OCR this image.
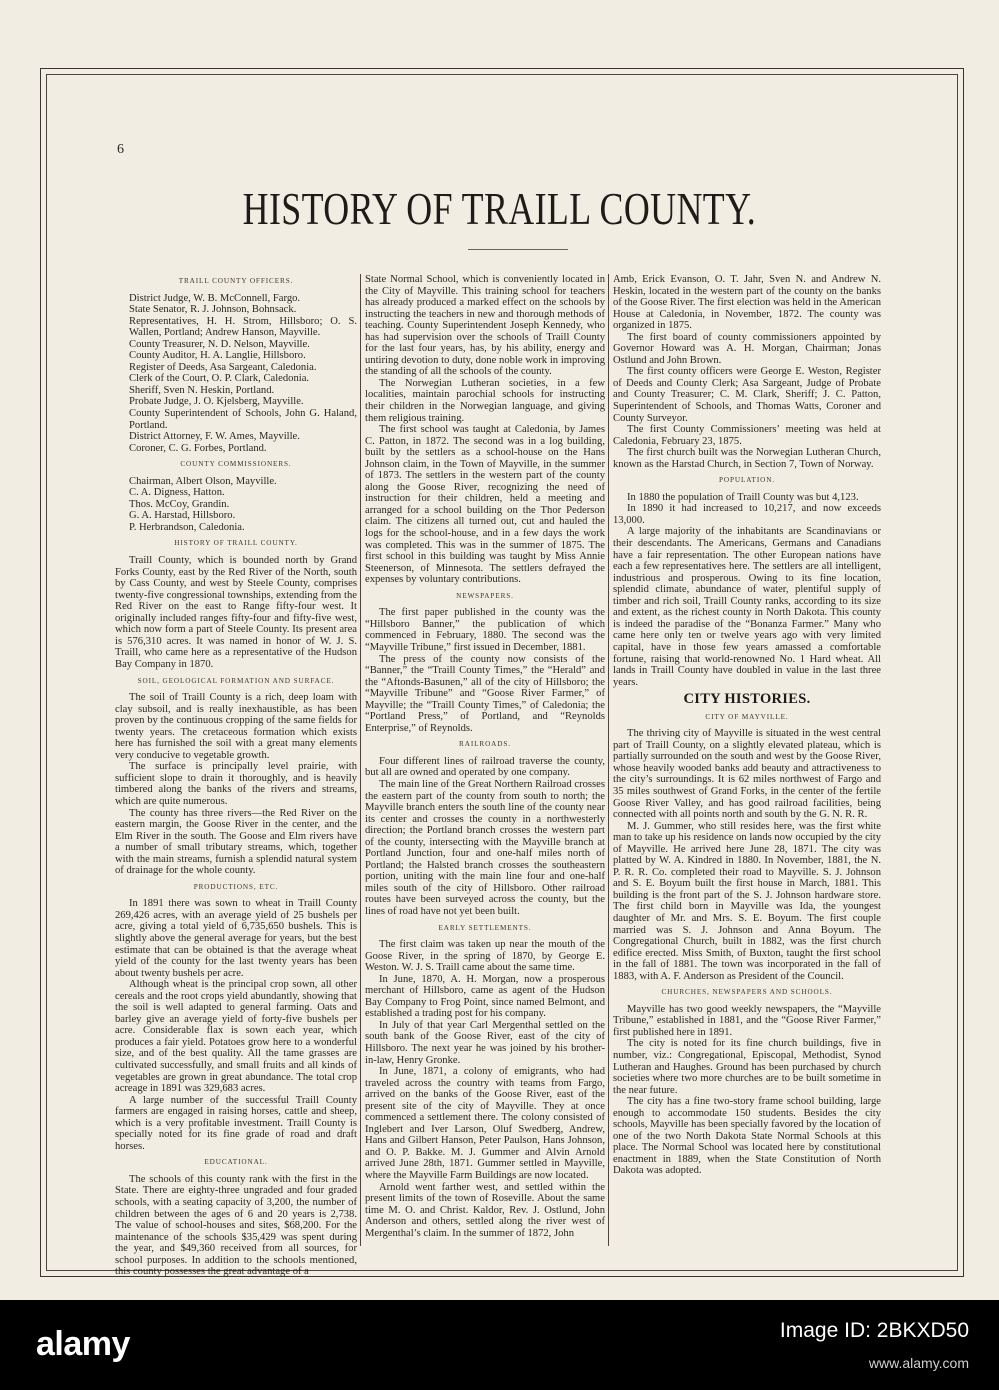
6
HISTORY OF TRAILL COUNTY.
TRAILL COUNTY OFFICERS.

District Judge, W. B. McConnell, Fargo.

State Senator, R. J. Johnson, Bohnsack.

Representatives, H. H. Strom, Hillsboro; O. S. Wallen, Portland; Andrew Hanson, Mayville.

County Treasurer, N. D. Nelson, Mayville.

County Auditor, H. A. Langlie, Hillsboro.

Register of Deeds, Asa Sargeant, Caledonia.

Clerk of the Court, O. P. Clark, Caledonia.

Sheriff, Sven N. Heskin, Portland.

Probate Judge, J. O. Kjelsberg, Mayville.

County Superintendent of Schools, John G. Haland, Portland.

District Attorney, F. W. Ames, Mayville.

Coroner, C. G. Forbes, Portland.

COUNTY COMMISSIONERS.

Chairman, Albert Olson, Mayville.

C. A. Digness, Hatton.

Thos. McCoy, Grandin.

G. A. Harstad, Hillsboro.

P. Herbrandson, Caledonia.

HISTORY OF TRAILL COUNTY.

Traill County, which is bounded north by Grand Forks County, east by the Red River of the North, south by Cass County, and west by Steele County, comprises twenty-five congressional townships, extending from the Red River on the east to Range fifty-four west. It originally included ranges fifty-four and fifty-five west, which now form a part of Steele County. Its present area is 576,310 acres. It was named in honor of W. J. S. Traill, who came here as a representative of the Hudson Bay Company in 1870.

SOIL, GEOLOGICAL FORMATION AND SURFACE.

The soil of Traill County is a rich, deep loam with clay subsoil, and is really inexhaustible, as has been proven by the continuous cropping of the same fields for twenty years. The cretaceous formation which exists here has furnished the soil with a great many elements very conducive to vegetable growth.

The surface is principally level prairie, with sufficient slope to drain it thoroughly, and is heavily timbered along the banks of the rivers and streams, which are quite numerous.

The county has three rivers—the Red River on the eastern margin, the Goose River in the center, and the Elm River in the south. The Goose and Elm rivers have a number of small tributary streams, which, together with the main streams, furnish a splendid natural system of drainage for the whole county.

PRODUCTIONS, ETC.

In 1891 there was sown to wheat in Traill County 269,426 acres, with an average yield of 25 bushels per acre, giving a total yield of 6,735,650 bushels. This is slightly above the general average for years, but the best estimate that can be obtained is that the average wheat yield of the county for the last twenty years has been about twenty bushels per acre.

Although wheat is the principal crop sown, all other cereals and the root crops yield abundantly, showing that the soil is well adapted to general farming. Oats and barley give an average yield of forty-five bushels per acre. Considerable flax is sown each year, which produces a fair yield. Potatoes grow here to a wonderful size, and of the best quality. All the tame grasses are cultivated successfully, and small fruits and all kinds of vegetables are grown in great abundance. The total crop acreage in 1891 was 329,683 acres.

A large number of the successful Traill County farmers are engaged in raising horses, cattle and sheep, which is a very profitable investment. Traill County is specially noted for its fine grade of road and draft horses.

EDUCATIONAL.

The schools of this county rank with the first in the State. There are eighty-three ungraded and four graded schools, with a seating capacity of 3,200, the number of children between the ages of 6 and 20 years is 2,738. The value of school-houses and sites, $68,200. For the maintenance of the schools $35,429 was spent during the year, and $49,360 received from all sources, for school purposes. In addition to the schools mentioned, this county possesses the great advantage of a

State Normal School, which is conveniently located in the City of Mayville. This training school for teachers has already produced a marked effect on the schools by instructing the teachers in new and thorough methods of teaching. County Superintendent Joseph Kennedy, who has had supervision over the schools of Traill County for the last four years, has, by his ability, energy and untiring devotion to duty, done noble work in improving the standing of all the schools of the county.

The Norwegian Lutheran societies, in a few localities, maintain parochial schools for instructing their children in the Norwegian language, and giving them religious training.

The first school was taught at Caledonia, by James C. Patton, in 1872. The second was in a log building, built by the settlers as a school-house on the Hans Johnson claim, in the Town of Mayville, in the summer of 1873. The settlers in the western part of the county along the Goose River, recognizing the need of instruction for their children, held a meeting and arranged for a school building on the Thor Pederson claim. The citizens all turned out, cut and hauled the logs for the school-house, and in a few days the work was completed. This was in the summer of 1875. The first school in this building was taught by Miss Annie Steenerson, of Minnesota. The settlers defrayed the expenses by voluntary contributions.

NEWSPAPERS.

The first paper published in the county was the “Hillsboro Banner,” the publication of which commenced in February, 1880. The second was the “Mayville Tribune,” first issued in December, 1881.

The press of the county now consists of the “Banner,” the “Traill County Times,” the “Herald” and the “Aftonds-Basunen,” all of the city of Hillsboro; the “Mayville Tribune” and “Goose River Farmer,” of Mayville; the “Traill County Times,” of Caledonia; the “Portland Press,” of Portland, and “Reynolds Enterprise,” of Reynolds.

RAILROADS.

Four different lines of railroad traverse the county, but all are owned and operated by one company.

The main line of the Great Northern Railroad crosses the eastern part of the county from south to north; the Mayville branch enters the south line of the county near its center and crosses the county in a northwesterly direction; the Portland branch crosses the western part of the county, intersecting with the Mayville branch at Portland Junction, four and one-half miles north of Portland; the Halsted branch crosses the southeastern portion, uniting with the main line four and one-half miles south of the city of Hillsboro. Other railroad routes have been surveyed across the county, but the lines of road have not yet been built.

EARLY SETTLEMENTS.

The first claim was taken up near the mouth of the Goose River, in the spring of 1870, by George E. Weston. W. J. S. Traill came about the same time.

In June, 1870, A. H. Morgan, now a prosperous merchant of Hillsboro, came as agent of the Hudson Bay Company to Frog Point, since named Belmont, and established a trading post for his company.

In July of that year Carl Mergenthal settled on the south bank of the Goose River, east of the city of Hillsboro. The next year he was joined by his brother-in-law, Henry Gronke.

In June, 1871, a colony of emigrants, who had traveled across the country with teams from Fargo, arrived on the banks of the Goose River, east of the present site of the city of Mayville. They at once commenced a settlement there. The colony consisted of Inglebert and Iver Larson, Oluf Swedberg, Andrew, Hans and Gilbert Hanson, Peter Paulson, Hans Johnson, and O. P. Bakke. M. J. Gummer and Alvin Arnold arrived June 28th, 1871. Gummer settled in Mayville, where the Mayville Farm Buildings are now located.

Arnold went farther west, and settled within the present limits of the town of Roseville. About the same time M. O. and Christ. Kaldor, Rev. J. Ostlund, John Anderson and others, settled along the river west of Mergenthal’s claim. In the summer of 1872, John

Amb, Erick Evanson, O. T. Jahr, Sven N. and Andrew N. Heskin, located in the western part of the county on the banks of the Goose River. The first election was held in the American House at Caledonia, in November, 1872. The county was organized in 1875.

The first board of county commissioners appointed by Governor Howard was A. H. Morgan, Chairman; Jonas Ostlund and John Brown.

The first county officers were George E. Weston, Register of Deeds and County Clerk; Asa Sargeant, Judge of Probate and County Treasurer; C. M. Clark, Sheriff; J. C. Patton, Superintendent of Schools, and Thomas Watts, Coroner and County Surveyor.

The first County Commissioners’ meeting was held at Caledonia, February 23, 1875.

The first church built was the Norwegian Lutheran Church, known as the Harstad Church, in Section 7, Town of Norway.

POPULATION.

In 1880 the population of Traill County was but 4,123.

In 1890 it had increased to 10,217, and now exceeds 13,000.

A large majority of the inhabitants are Scandinavians or their descendants. The Americans, Germans and Canadians have a fair representation. The other European nations have each a few representatives here. The settlers are all intelligent, industrious and prosperous. Owing to its fine location, splendid climate, abundance of water, plentiful supply of timber and rich soil, Traill County ranks, according to its size and extent, as the richest county in North Dakota. This county is indeed the paradise of the “Bonanza Farmer.” Many who came here only ten or twelve years ago with very limited capital, have in those few years amassed a comfortable fortune, raising that world-renowned No. 1 Hard wheat. All lands in Traill County have doubled in value in the last three years.

CITY HISTORIES.
CITY OF MAYVILLE.

The thriving city of Mayville is situated in the west central part of Traill County, on a slightly elevated plateau, which is partially surrounded on the south and west by the Goose River, whose heavily wooded banks add beauty and attractiveness to the city’s surroundings. It is 62 miles northwest of Fargo and 35 miles southwest of Grand Forks, in the center of the fertile Goose River Valley, and has good railroad facilities, being connected with all points north and south by the G. N. R. R.

M. J. Gummer, who still resides here, was the first white man to take up his residence on lands now occupied by the city of Mayville. He arrived here June 28, 1871. The city was platted by W. A. Kindred in 1880. In November, 1881, the N. P. R. R. Co. completed their road to Mayville. S. J. Johnson and S. E. Boyum built the first house in March, 1881. This building is the front part of the S. J. Johnson hardware store. The first child born in Mayville was Ida, the youngest daughter of Mr. and Mrs. S. E. Boyum. The first couple married was S. J. Johnson and Anna Boyum. The Congregational Church, built in 1882, was the first church edifice erected. Miss Smith, of Buxton, taught the first school in the fall of 1881. The town was incorporated in the fall of 1883, with A. F. Anderson as President of the Council.

CHURCHES, NEWSPAPERS AND SCHOOLS.

Mayville has two good weekly newspapers, the “Mayville Tribune,” established in 1881, and the “Goose River Farmer,” first published here in 1891.

The city is noted for its fine church buildings, five in number, viz.: Congregational, Episcopal, Methodist, Synod Lutheran and Haughes. Ground has been purchased by church societies where two more churches are to be built sometime in the near future.

The city has a fine two-story frame school building, large enough to accommodate 150 students. Besides the city schools, Mayville has been specially favored by the location of one of the two North Dakota State Normal Schools at this place. The Normal School was located here by constitutional enactment in 1889, when the State Constitution of North Dakota was adopted.

alamy	Image ID: 2BKXD50
www.alamy.com
